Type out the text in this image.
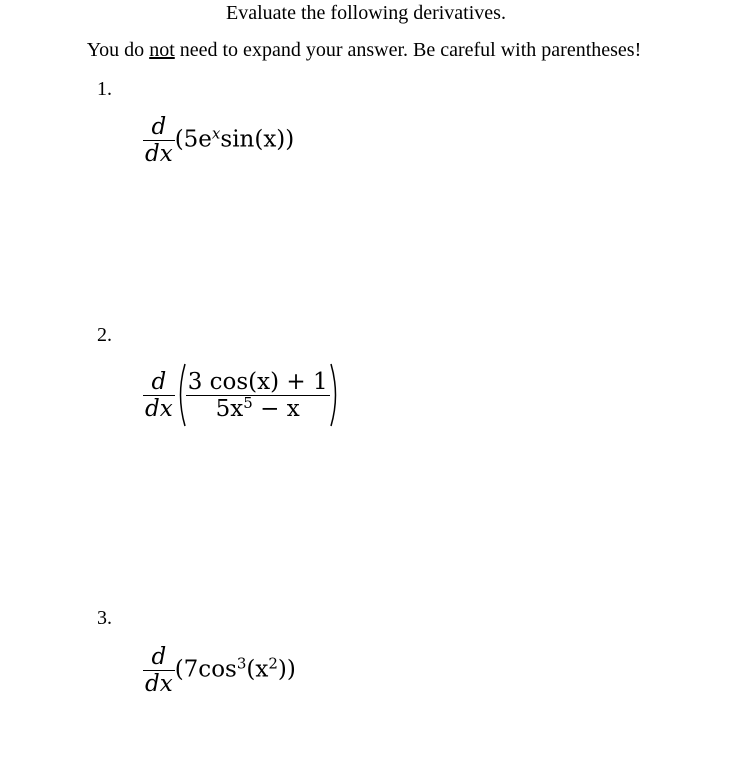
Evaluate the following derivatives.
You do not need to expand your answer. Be careful with parentheses!
1.
$\frac{d}{dx} (5e^x\sin(x))$
2.
$\frac{d}{dx} \frac{3 \cos(x) + 1}{5x^5 - x}$
3.
$\frac{d}{dx} (7\cos^3(x^2))$
